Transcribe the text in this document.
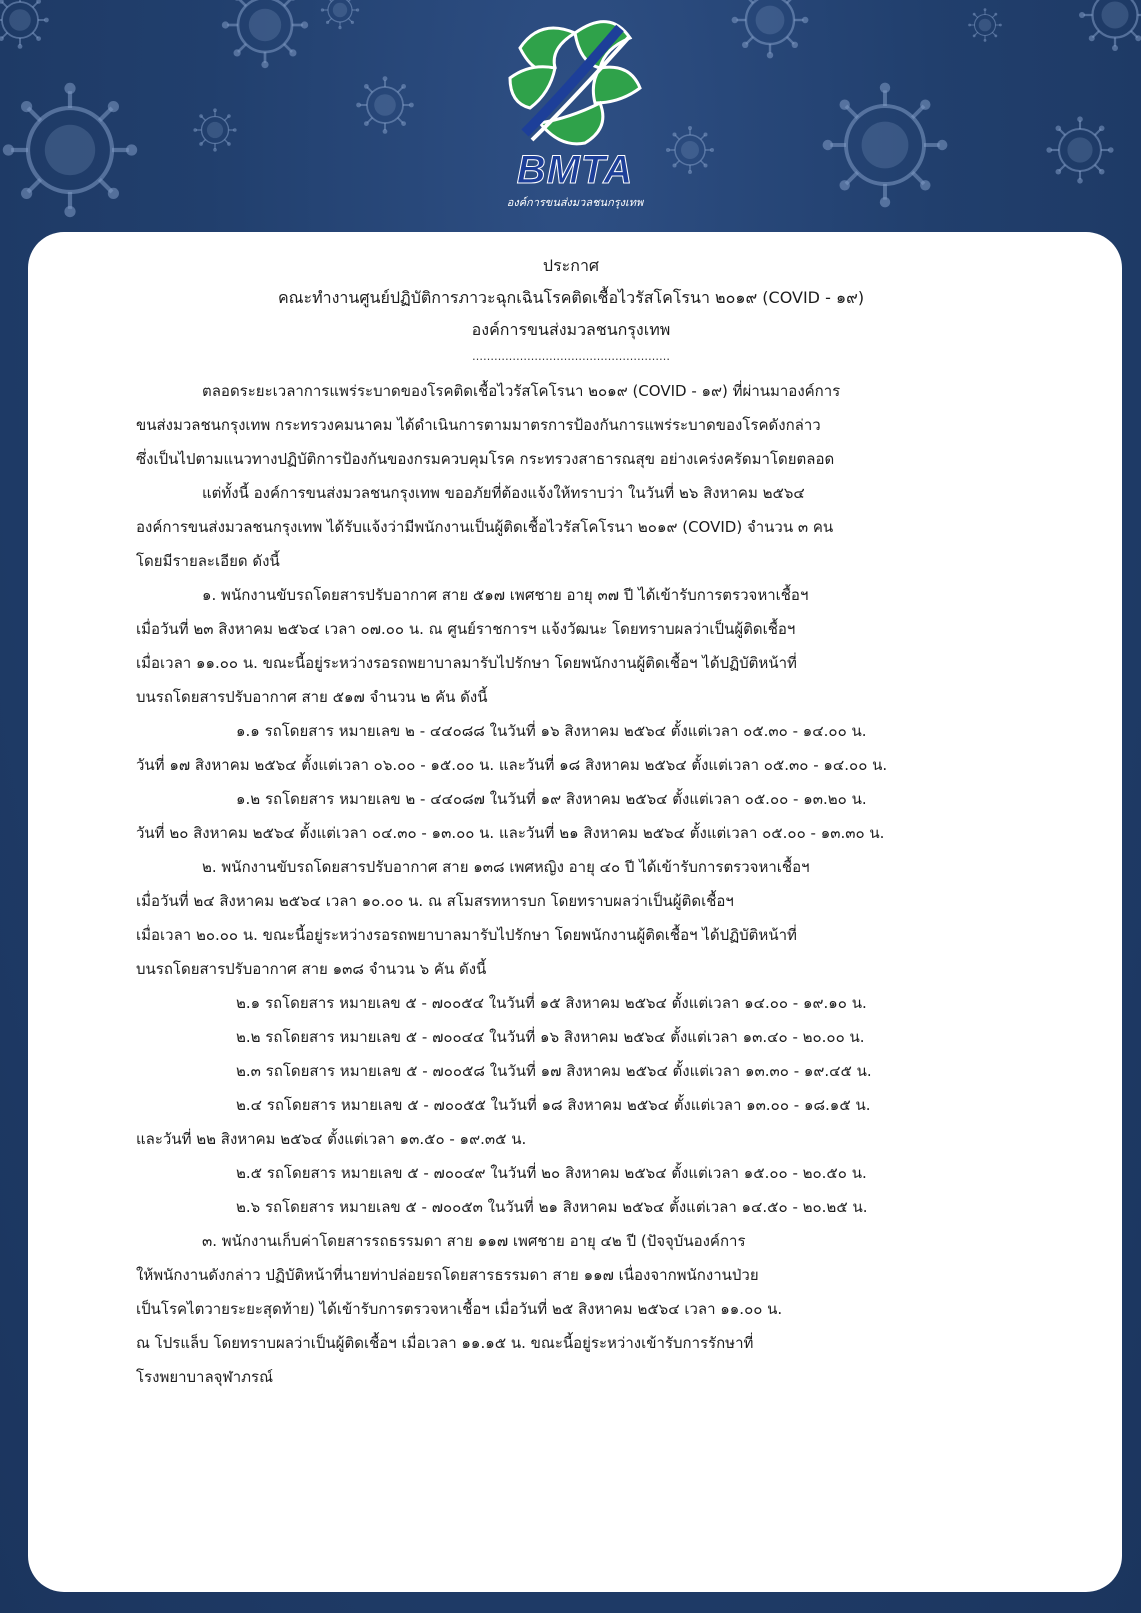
BMTA
องค์การขนส่งมวลชนกรุงเทพ
ประกาศ
คณะทำงานศูนย์ปฏิบัติการภาวะฉุกเฉินโรคติดเชื้อไวรัสโคโรนา ๒๐๑๙ (COVID - ๑๙)
องค์การขนส่งมวลชนกรุงเทพ
………………………………………………
ตลอดระยะเวลาการแพร่ระบาดของโรคติดเชื้อไวรัสโคโรนา ๒๐๑๙ (COVID - ๑๙) ที่ผ่านมาองค์การ
ขนส่งมวลชนกรุงเทพ กระทรวงคมนาคม ได้ดำเนินการตามมาตรการป้องกันการแพร่ระบาดของโรคดังกล่าว
ซึ่งเป็นไปตามแนวทางปฏิบัติการป้องกันของกรมควบคุมโรค กระทรวงสาธารณสุข อย่างเคร่งครัดมาโดยตลอด
แต่ทั้งนี้ องค์การขนส่งมวลชนกรุงเทพ ขออภัยที่ต้องแจ้งให้ทราบว่า ในวันที่ ๒๖ สิงหาคม ๒๕๖๔
องค์การขนส่งมวลชนกรุงเทพ ได้รับแจ้งว่ามีพนักงานเป็นผู้ติดเชื้อไวรัสโคโรนา ๒๐๑๙ (COVID) จำนวน ๓ คน
โดยมีรายละเอียด ดังนี้
๑. พนักงานขับรถโดยสารปรับอากาศ สาย ๕๑๗ เพศชาย อายุ ๓๗ ปี ได้เข้ารับการตรวจหาเชื้อฯ
เมื่อวันที่ ๒๓ สิงหาคม ๒๕๖๔ เวลา ๐๗.๐๐ น. ณ ศูนย์ราชการฯ แจ้งวัฒนะ โดยทราบผลว่าเป็นผู้ติดเชื้อฯ
เมื่อเวลา ๑๑.๐๐ น. ขณะนี้อยู่ระหว่างรอรถพยาบาลมารับไปรักษา โดยพนักงานผู้ติดเชื้อฯ ได้ปฏิบัติหน้าที่
บนรถโดยสารปรับอากาศ สาย ๕๑๗ จำนวน ๒ คัน ดังนี้
๑.๑ รถโดยสาร หมายเลข ๒ - ๔๔๐๘๘ ในวันที่ ๑๖ สิงหาคม ๒๕๖๔ ตั้งแต่เวลา ๐๕.๓๐ - ๑๔.๐๐ น.
วันที่ ๑๗ สิงหาคม ๒๕๖๔ ตั้งแต่เวลา ๐๖.๐๐ - ๑๕.๐๐ น. และวันที่ ๑๘ สิงหาคม ๒๕๖๔ ตั้งแต่เวลา ๐๕.๓๐ - ๑๔.๐๐ น.
๑.๒ รถโดยสาร หมายเลข ๒ - ๔๔๐๘๗ ในวันที่ ๑๙ สิงหาคม ๒๕๖๔ ตั้งแต่เวลา ๐๕.๐๐ - ๑๓.๒๐ น.
วันที่ ๒๐ สิงหาคม ๒๕๖๔ ตั้งแต่เวลา ๐๔.๓๐ - ๑๓.๐๐ น. และวันที่ ๒๑ สิงหาคม ๒๕๖๔ ตั้งแต่เวลา ๐๕.๐๐ - ๑๓.๓๐ น.
๒. พนักงานขับรถโดยสารปรับอากาศ สาย ๑๓๘ เพศหญิง อายุ ๔๐ ปี ได้เข้ารับการตรวจหาเชื้อฯ
เมื่อวันที่ ๒๔ สิงหาคม ๒๕๖๔ เวลา ๑๐.๐๐ น. ณ สโมสรทหารบก โดยทราบผลว่าเป็นผู้ติดเชื้อฯ
เมื่อเวลา ๒๐.๐๐ น. ขณะนี้อยู่ระหว่างรอรถพยาบาลมารับไปรักษา โดยพนักงานผู้ติดเชื้อฯ ได้ปฏิบัติหน้าที่
บนรถโดยสารปรับอากาศ สาย ๑๓๘ จำนวน ๖ คัน ดังนี้
๒.๑ รถโดยสาร หมายเลข ๕ - ๗๐๐๕๔ ในวันที่ ๑๕ สิงหาคม ๒๕๖๔ ตั้งแต่เวลา ๑๔.๐๐ - ๑๙.๑๐ น.
๒.๒ รถโดยสาร หมายเลข ๕ - ๗๐๐๔๔ ในวันที่ ๑๖ สิงหาคม ๒๕๖๔ ตั้งแต่เวลา ๑๓.๔๐ - ๒๐.๐๐ น.
๒.๓ รถโดยสาร หมายเลข ๕ - ๗๐๐๕๘ ในวันที่ ๑๗ สิงหาคม ๒๕๖๔ ตั้งแต่เวลา ๑๓.๓๐ - ๑๙.๔๕ น.
๒.๔ รถโดยสาร หมายเลข ๕ - ๗๐๐๕๕ ในวันที่ ๑๘ สิงหาคม ๒๕๖๔ ตั้งแต่เวลา ๑๓.๐๐ - ๑๘.๑๕ น.
และวันที่ ๒๒ สิงหาคม ๒๕๖๔ ตั้งแต่เวลา ๑๓.๕๐ - ๑๙.๓๕ น.
๒.๕ รถโดยสาร หมายเลข ๕ - ๗๐๐๔๙ ในวันที่ ๒๐ สิงหาคม ๒๕๖๔ ตั้งแต่เวลา ๑๕.๐๐ - ๒๐.๕๐ น.
๒.๖ รถโดยสาร หมายเลข ๕ - ๗๐๐๕๓ ในวันที่ ๒๑ สิงหาคม ๒๕๖๔ ตั้งแต่เวลา ๑๔.๕๐ - ๒๐.๒๕ น.
๓. พนักงานเก็บค่าโดยสารรถธรรมดา สาย ๑๑๗ เพศชาย อายุ ๔๒ ปี (ปัจจุบันองค์การ
ให้พนักงานดังกล่าว ปฏิบัติหน้าที่นายท่าปล่อยรถโดยสารธรรมดา สาย ๑๑๗ เนื่องจากพนักงานป่วย
เป็นโรคไตวายระยะสุดท้าย) ได้เข้ารับการตรวจหาเชื้อฯ เมื่อวันที่ ๒๕ สิงหาคม ๒๕๖๔ เวลา ๑๑.๐๐ น.
ณ โปรแล็บ โดยทราบผลว่าเป็นผู้ติดเชื้อฯ เมื่อเวลา ๑๑.๑๕ น. ขณะนี้อยู่ระหว่างเข้ารับการรักษาที่
โรงพยาบาลจุฬาภรณ์
